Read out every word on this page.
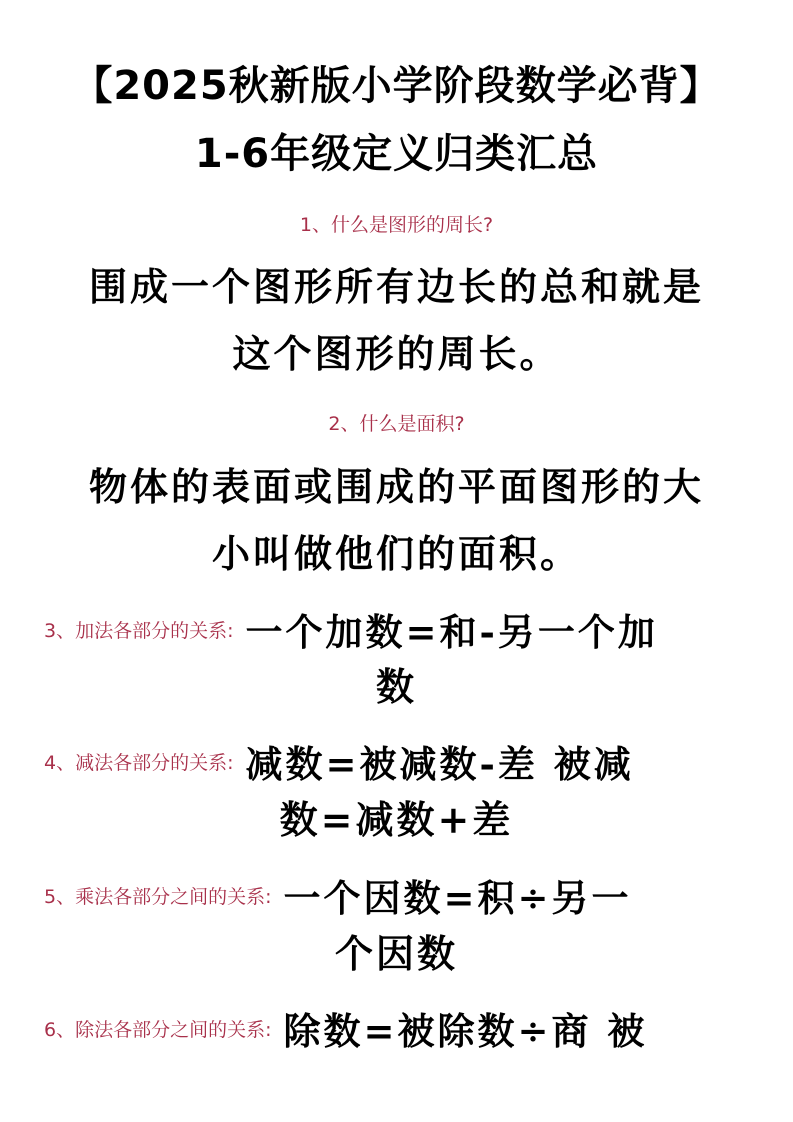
【2025秋新版小学阶段数学必背】
1-6年级定义归类汇总
1、什么是图形的周长?
围成一个图形所有边长的总和就是
这个图形的周长。
2、什么是面积?
物体的表面或围成的平面图形的大
小叫做他们的面积。
3、加法各部分的关系: 一个加数=和-另一个加
数
4、减法各部分的关系: 减数=被减数-差 被减
数=减数+差
5、乘法各部分之间的关系: 一个因数=积÷另一
个因数
6、除法各部分之间的关系: 除数=被除数÷商 被
